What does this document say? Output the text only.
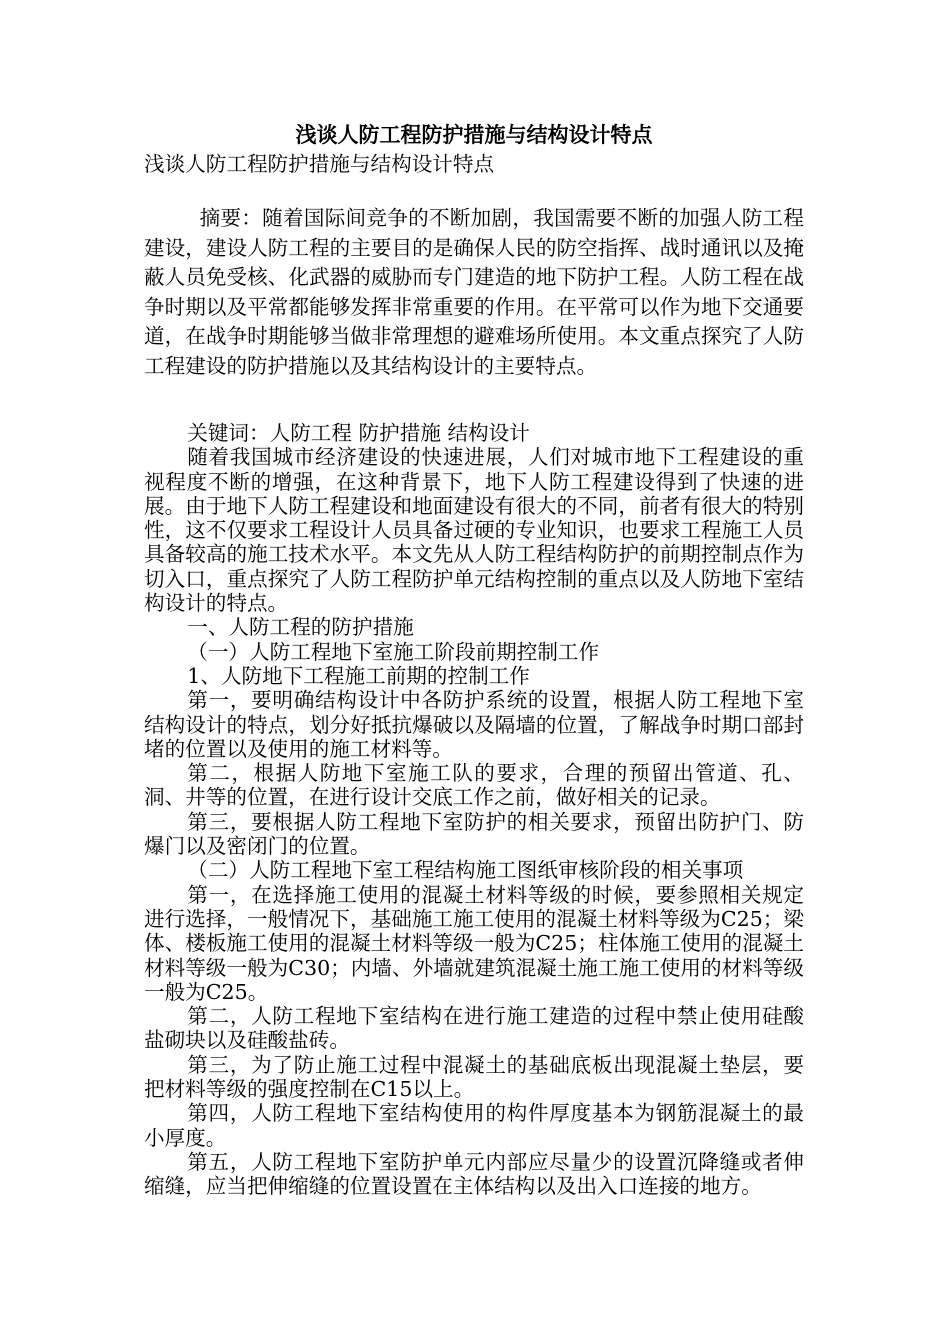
浅谈人防工程防护措施与结构设计特点

浅谈人防工程防护措施与结构设计特点

摘要：随着国际间竞争的不断加剧，我国需要不断的加强人防工程建设，建设人防工程的主要目的是确保人民的防空指挥、战时通讯以及掩蔽人员免受核、化武器的威胁而专门建造的地下防护工程。人防工程在战争时期以及平常都能够发挥非常重要的作用。在平常可以作为地下交通要道，在战争时期能够当做非常理想的避难场所使用。本文重点探究了人防工程建设的防护措施以及其结构设计的主要特点。

关键词：人防工程 防护措施 结构设计

随着我国城市经济建设的快速进展，人们对城市地下工程建设的重视程度不断的增强，在这种背景下，地下人防工程建设得到了快速的进展。由于地下人防工程建设和地面建设有很大的不同，前者有很大的特别性，这不仅要求工程设计人员具备过硬的专业知识，也要求工程施工人员具备较高的施工技术水平。本文先从人防工程结构防护的前期控制点作为切入口，重点探究了人防工程防护单元结构控制的重点以及人防地下室结构设计的特点。

一、人防工程的防护措施

（一）人防工程地下室施工阶段前期控制工作

1、人防地下工程施工前期的控制工作

第一，要明确结构设计中各防护系统的设置，根据人防工程地下室结构设计的特点，划分好抵抗爆破以及隔墙的位置，了解战争时期口部封堵的位置以及使用的施工材料等。

第二，根据人防地下室施工队的要求，合理的预留出管道、孔、洞、井等的位置，在进行设计交底工作之前，做好相关的记录。

第三，要根据人防工程地下室防护的相关要求，预留出防护门、防爆门以及密闭门的位置。

（二）人防工程地下室工程结构施工图纸审核阶段的相关事项

第一，在选择施工使用的混凝土材料等级的时候，要参照相关规定进行选择，一般情况下，基础施工施工使用的混凝土材料等级为C25；梁体、楼板施工使用的混凝土材料等级一般为C25；柱体施工使用的混凝土材料等级一般为C30；内墙、外墙就建筑混凝土施工施工使用的材料等级一般为C25。

第二，人防工程地下室结构在进行施工建造的过程中禁止使用硅酸盐砌块以及硅酸盐砖。

第三，为了防止施工过程中混凝土的基础底板出现混凝土垫层，要把材料等级的强度控制在C15以上。

第四，人防工程地下室结构使用的构件厚度基本为钢筋混凝土的最小厚度。

第五，人防工程地下室防护单元内部应尽量少的设置沉降缝或者伸缩缝，应当把伸缩缝的位置设置在主体结构以及出入口连接的地方。
